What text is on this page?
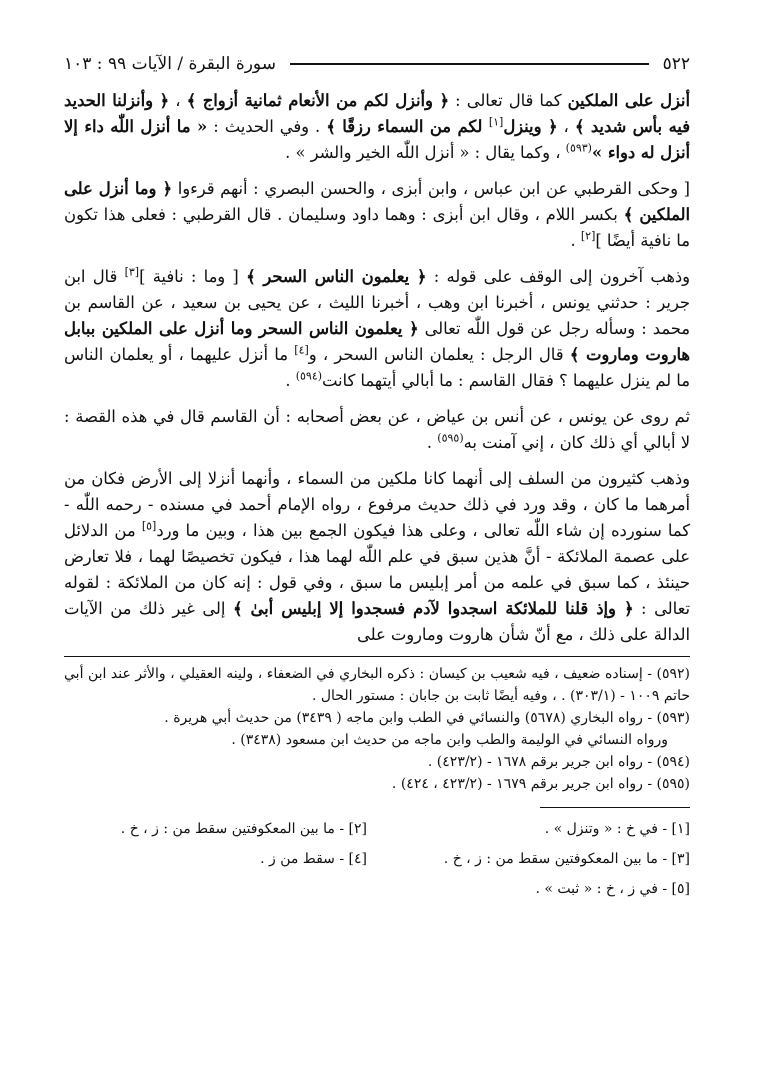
٥٢٢
سورة البقرة / الآيات ٩٩ : ١٠٣

أنزل على الملكين كما قال تعالى : ﴿ وأنزل لكم من الأنعام ثمانية أزواج ﴾ ، ﴿ وأنزلنا الحديد فيه بأس شديد ﴾ ، ﴿ وينزل[١] لكم من السماء رزقًا ﴾ . وفي الحديث : « ما أنزل اللّٰه داء إلا أنزل له دواء »$^{(٥٩٣)}$ ، وكما يقال : « أنزل اللّٰه الخير والشر » .

[ وحكى القرطبي عن ابن عباس ، وابن أبزى ، والحسن البصري : أنهم قرءوا ﴿ وما أنزل على الملكين ﴾ بكسر اللام ، وقال ابن أبزى : وهما داود وسليمان . قال القرطبي : فعلى هذا تكون ما نافية أيضًا ][٢] .

وذهب آخرون إلى الوقف على قوله : ﴿ يعلمون الناس السحر ﴾ [ وما : نافية ][٣] قال ابن جرير : حدثني يونس ، أخبرنا ابن وهب ، أخبرنا الليث ، عن يحيى بن سعيد ، عن القاسم بن محمد : وسأله رجل عن قول اللّٰه تعالى ﴿ يعلمون الناس السحر وما أنزل على الملكين ببابل هاروت وماروت ﴾ قال الرجل : يعلمان الناس السحر ، و[٤] ما أنزل عليهما ، أو يعلمان الناس ما لم ينزل عليهما ؟ فقال القاسم : ما أبالي أيتهما كانت$^{(٥٩٤)}$ .

ثم روى عن يونس ، عن أنس بن عياض ، عن بعض أصحابه : أن القاسم قال في هذه القصة : لا أبالي أي ذلك كان ، إني آمنت به$^{(٥٩٥)}$ .

وذهب كثيرون من السلف إلى أنهما كانا ملكين من السماء ، وأنهما أنزلا إلى الأرض فكان من أمرهما ما كان ، وقد ورد في ذلك حديث مرفوع ، رواه الإمام أحمد في مسنده - رحمه اللّٰه - كما سنورده إن شاء اللّٰه تعالى ، وعلى هذا فيكون الجمع بين هذا ، وبين ما ورد[٥] من الدلائل على عصمة الملائكة - أنَّ هذين سبق في علم اللّٰه لهما هذا ، فيكون تخصيصًا لهما ، فلا تعارض حينئذ ، كما سبق في علمه من أمر إبليس ما سبق ، وفي قول : إنه كان من الملائكة : لقوله تعالى : ﴿ وإذ قلنا للملائكة اسجدوا لآدم فسجدوا إلا إبليس أبىٰ ﴾ إلى غير ذلك من الآيات الدالة على ذلك ، مع أنّ شأن هاروت وماروت على

(٥٩٢) - إسناده ضعيف ، فيه شعيب بن كيسان : ذكره البخاري في الضعفاء ، ولينه العقيلي ، والأثر عند ابن أبي حاتم ١٠٠٩ - (٣٠٣/١) . ، وفيه أيضًا ثابت بن جابان : مستور الحال .

(٥٩٣) - رواه البخاري (٥٦٧٨) والنسائي في الطب وابن ماجه ( ٣٤٣٩) من حديث أبي هريرة .

ورواه النسائي في الوليمة والطب وابن ماجه من حديث ابن مسعود (٣٤٣٨) .

(٥٩٤) - رواه ابن جرير برقم ١٦٧٨ - (٤٢٣/٢) .

(٥٩٥) - رواه ابن جرير برقم ١٦٧٩ - (٤٢٣/٢ ، ٤٢٤) .

[١] - في خ : « وتنزل » .
[٢] - ما بين المعكوفتين سقط من : ز ، خ .
[٣] - ما بين المعكوفتين سقط من : ز ، خ .
[٤] - سقط من ز .
[٥] - في ز ، خ : « ثبت » .
